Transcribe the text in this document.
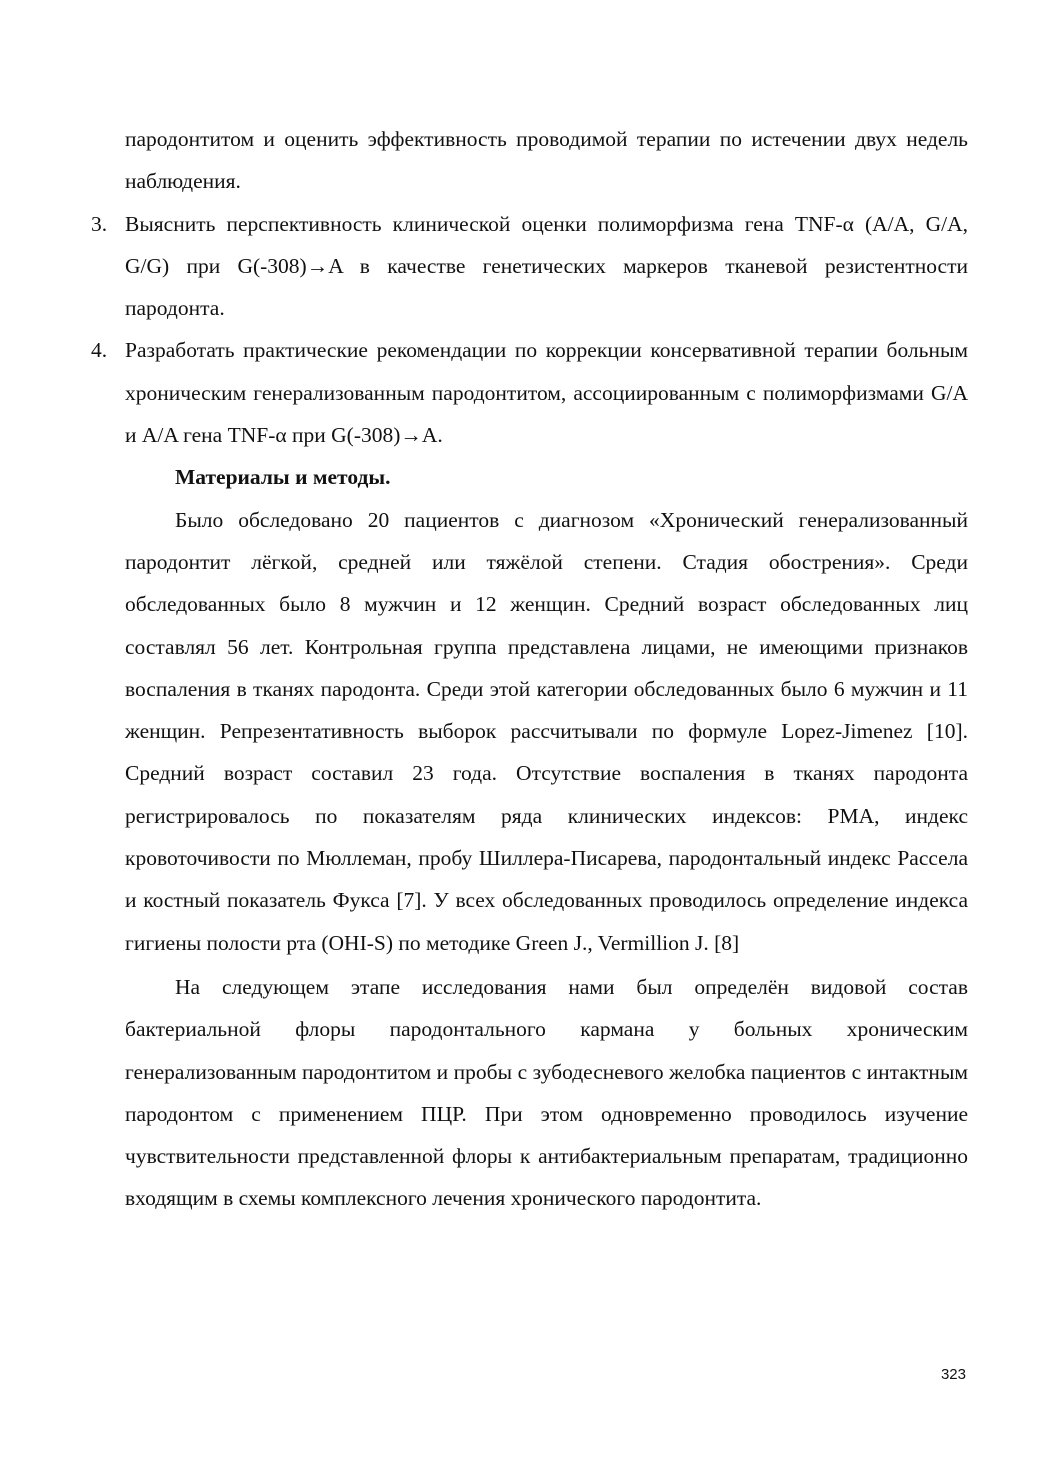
пародонтитом и оценить эффективность проводимой терапии по истечении двух недель наблюдения.

3. Выяснить перспективность клинической оценки полиморфизма гена TNF-α (A/A, G/A, G/G) при G(-308)→A в качестве генетических маркеров тканевой резистентности пародонта.

4. Разработать практические рекомендации по коррекции консервативной терапии больным хроническим генерализованным пародонтитом, ассоциированным с полиморфизмами G/A и A/A гена TNF-α при G(-308)→A.

Материалы и методы.

Было обследовано 20 пациентов с диагнозом «Хронический генерализованный пародонтит лёгкой, средней или тяжёлой степени. Стадия обострения». Среди обследованных было 8 мужчин и 12 женщин. Средний возраст обследованных лиц составлял 56 лет. Контрольная группа представлена лицами, не имеющими признаков воспаления в тканях пародонта. Среди этой категории обследованных было 6 мужчин и 11 женщин. Репрезентативность выборок рассчитывали по формуле Lopez-Jimenez [10]. Средний возраст составил 23 года. Отсутствие воспаления в тканях пародонта регистрировалось по показателям ряда клинических индексов: РМА, индекс кровоточивости по Мюллеман, пробу Шиллера-Писарева, пародонтальный индекс Рассела и костный показатель Фукса [7]. У всех обследованных проводилось определение индекса гигиены полости рта (OHI-S) по методике Green J., Vermillion J. [8]

На следующем этапе исследования нами был определён видовой состав бактериальной флоры пародонтального кармана у больных хроническим генерализованным пародонтитом и пробы с зубодесневого желобка пациентов с интактным пародонтом с применением ПЦР. При этом одновременно проводилось изучение чувствительности представленной флоры к антибактериальным препаратам, традиционно входящим в схемы комплексного лечения хронического пародонтита.

323
